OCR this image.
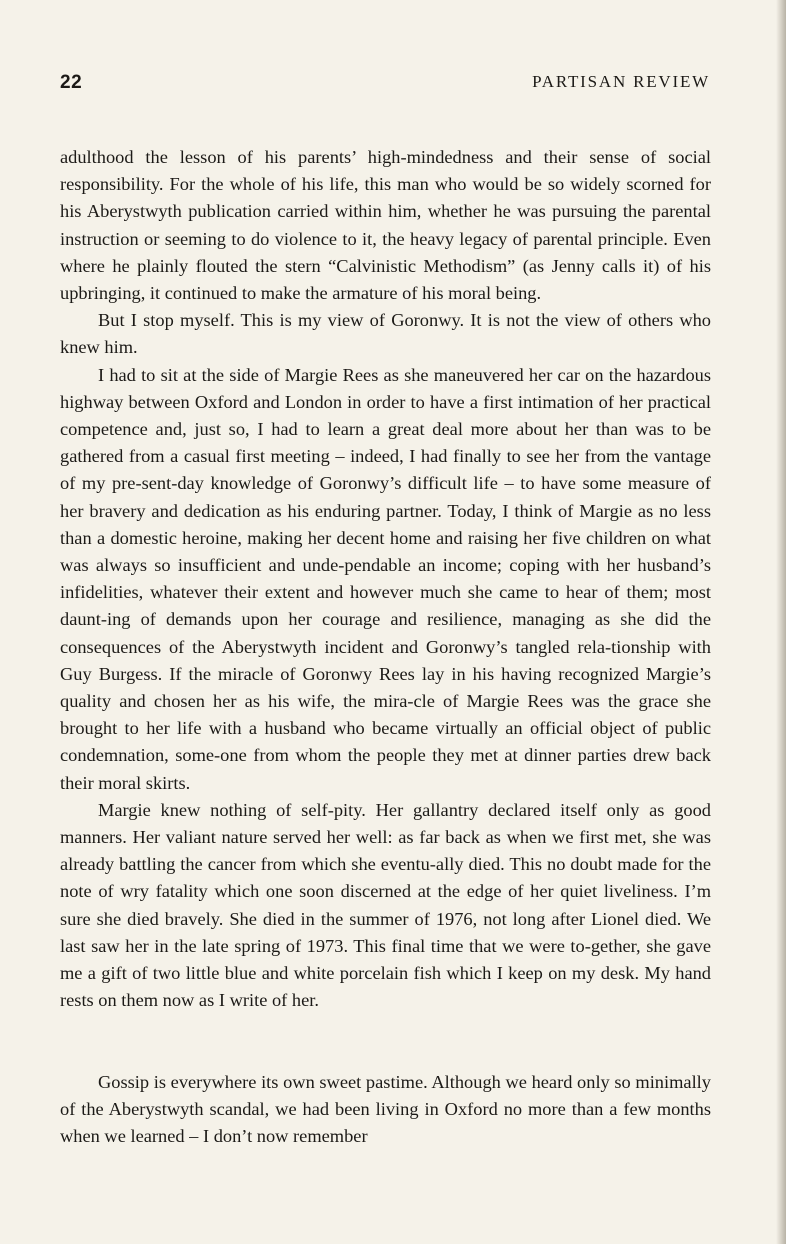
22	PARTISAN REVIEW

adulthood the lesson of his parents’ high-mindedness and their sense of social responsibility. For the whole of his life, this man who would be so widely scorned for his Aberystwyth publication carried within him, whether he was pursuing the parental instruction or seeming to do violence to it, the heavy legacy of parental principle. Even where he plainly flouted the stern “Calvinistic Methodism” (as Jenny calls it) of his upbringing, it continued to make the armature of his moral being.

But I stop myself. This is my view of Goronwy. It is not the view of others who knew him.

I had to sit at the side of Margie Rees as she maneuvered her car on the hazardous highway between Oxford and London in order to have a first intimation of her practical competence and, just so, I had to learn a great deal more about her than was to be gathered from a casual first meeting – indeed, I had finally to see her from the vantage of my pre-sent-day knowledge of Goronwy’s difficult life – to have some measure of her bravery and dedication as his enduring partner. Today, I think of Margie as no less than a domestic heroine, making her decent home and raising her five children on what was always so insufficient and unde-pendable an income; coping with her husband’s infidelities, whatever their extent and however much she came to hear of them; most daunt-ing of demands upon her courage and resilience, managing as she did the consequences of the Aberystwyth incident and Goronwy’s tangled rela-tionship with Guy Burgess. If the miracle of Goronwy Rees lay in his having recognized Margie’s quality and chosen her as his wife, the mira-cle of Margie Rees was the grace she brought to her life with a husband who became virtually an official object of public condemnation, some-one from whom the people they met at dinner parties drew back their moral skirts.

Margie knew nothing of self-pity. Her gallantry declared itself only as good manners. Her valiant nature served her well: as far back as when we first met, she was already battling the cancer from which she eventu-ally died. This no doubt made for the note of wry fatality which one soon discerned at the edge of her quiet liveliness. I’m sure she died bravely. She died in the summer of 1976, not long after Lionel died. We last saw her in the late spring of 1973. This final time that we were to-gether, she gave me a gift of two little blue and white porcelain fish which I keep on my desk. My hand rests on them now as I write of her.

Gossip is everywhere its own sweet pastime. Although we heard only so minimally of the Aberystwyth scandal, we had been living in Oxford no more than a few months when we learned – I don’t now remember
